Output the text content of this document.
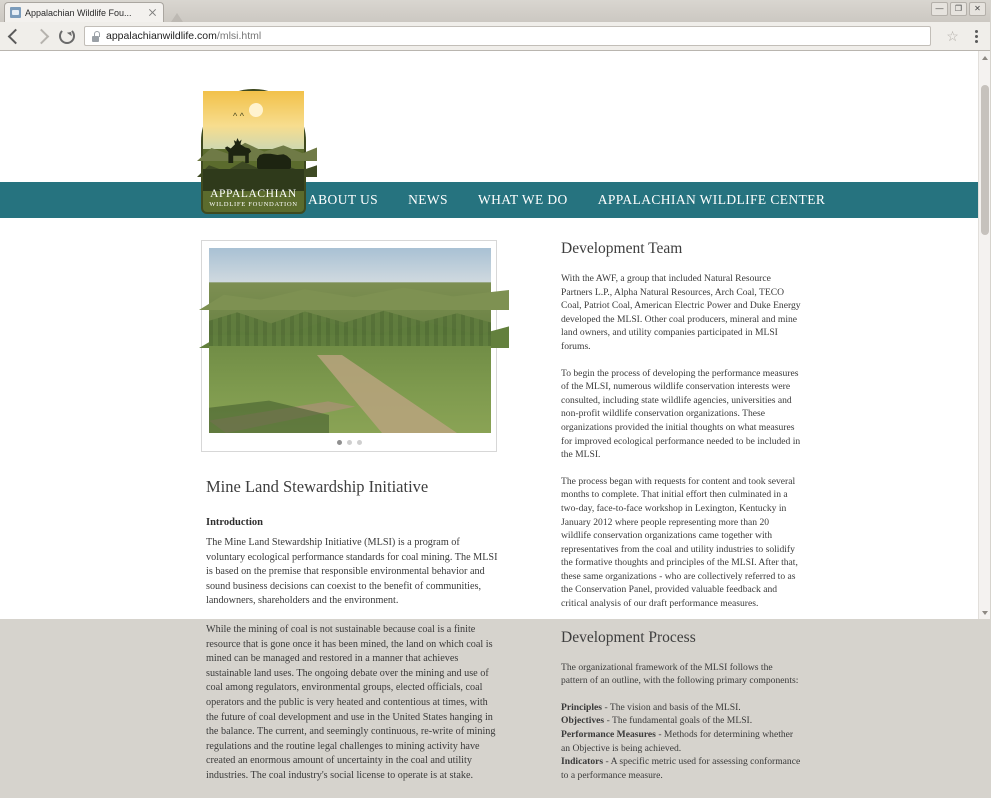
Appalachian Wildlife Fou...	— ❐ ✕
appalachianwildlife.com/mlsi.html	☆
^ ^
APPALACHIAN
WILDLIFE FOUNDATION ABOUT US NEWS WHAT WE DO APPALACHIAN WILDLIFE CENTER
Mine Land Stewardship Initiative
Introduction

The Mine Land Stewardship Initiative (MLSI) is a program of voluntary ecological performance standards for coal mining. The MLSI is based on the premise that responsible environmental behavior and sound business decisions can coexist to the benefit of communities, landowners, shareholders and the environment.

While the mining of coal is not sustainable because coal is a finite resource that is gone once it has been mined, the land on which coal is mined can be managed and restored in a manner that achieves sustainable land uses. The ongoing debate over the mining and use of coal among regulators, environmental groups, elected officials, coal operators and the public is very heated and contentious at times, with the future of coal development and use in the United States hanging in the balance. The current, and seemingly continuous, re-write of mining regulations and the routine legal challenges to mining activity have created an enormous amount of uncertainty in the coal and utility industries. The coal industry's social license to operate is at stake.

Development Team

With the AWF, a group that included Natural Resource Partners L.P., Alpha Natural Resources, Arch Coal, TECO Coal, Patriot Coal, American Electric Power and Duke Energy developed the MLSI. Other coal producers, mineral and mine land owners, and utility companies participated in MLSI forums.

To begin the process of developing the performance measures of the MLSI, numerous wildlife conservation interests were consulted, including state wildlife agencies, universities and non-profit wildlife conservation organizations. These organizations provided the initial thoughts on what measures for improved ecological performance needed to be included in the MLSI.

The process began with requests for content and took several months to complete. That initial effort then culminated in a two-day, face-to-face workshop in Lexington, Kentucky in January 2012 where people representing more than 20 wildlife conservation organizations came together with representatives from the coal and utility industries to solidify the formative thoughts and principles of the MLSI. After that, these same organizations - who are collectively referred to as the Conservation Panel, provided valuable feedback and critical analysis of our draft performance measures.

Development Process

The organizational framework of the MLSI follows the pattern of an outline, with the following primary components:

Principles - The vision and basis of the MLSI.
Objectives - The fundamental goals of the MLSI.
Performance Measures - Methods for determining whether an Objective is being achieved.
Indicators - A specific metric used for assessing conformance to a performance measure.
